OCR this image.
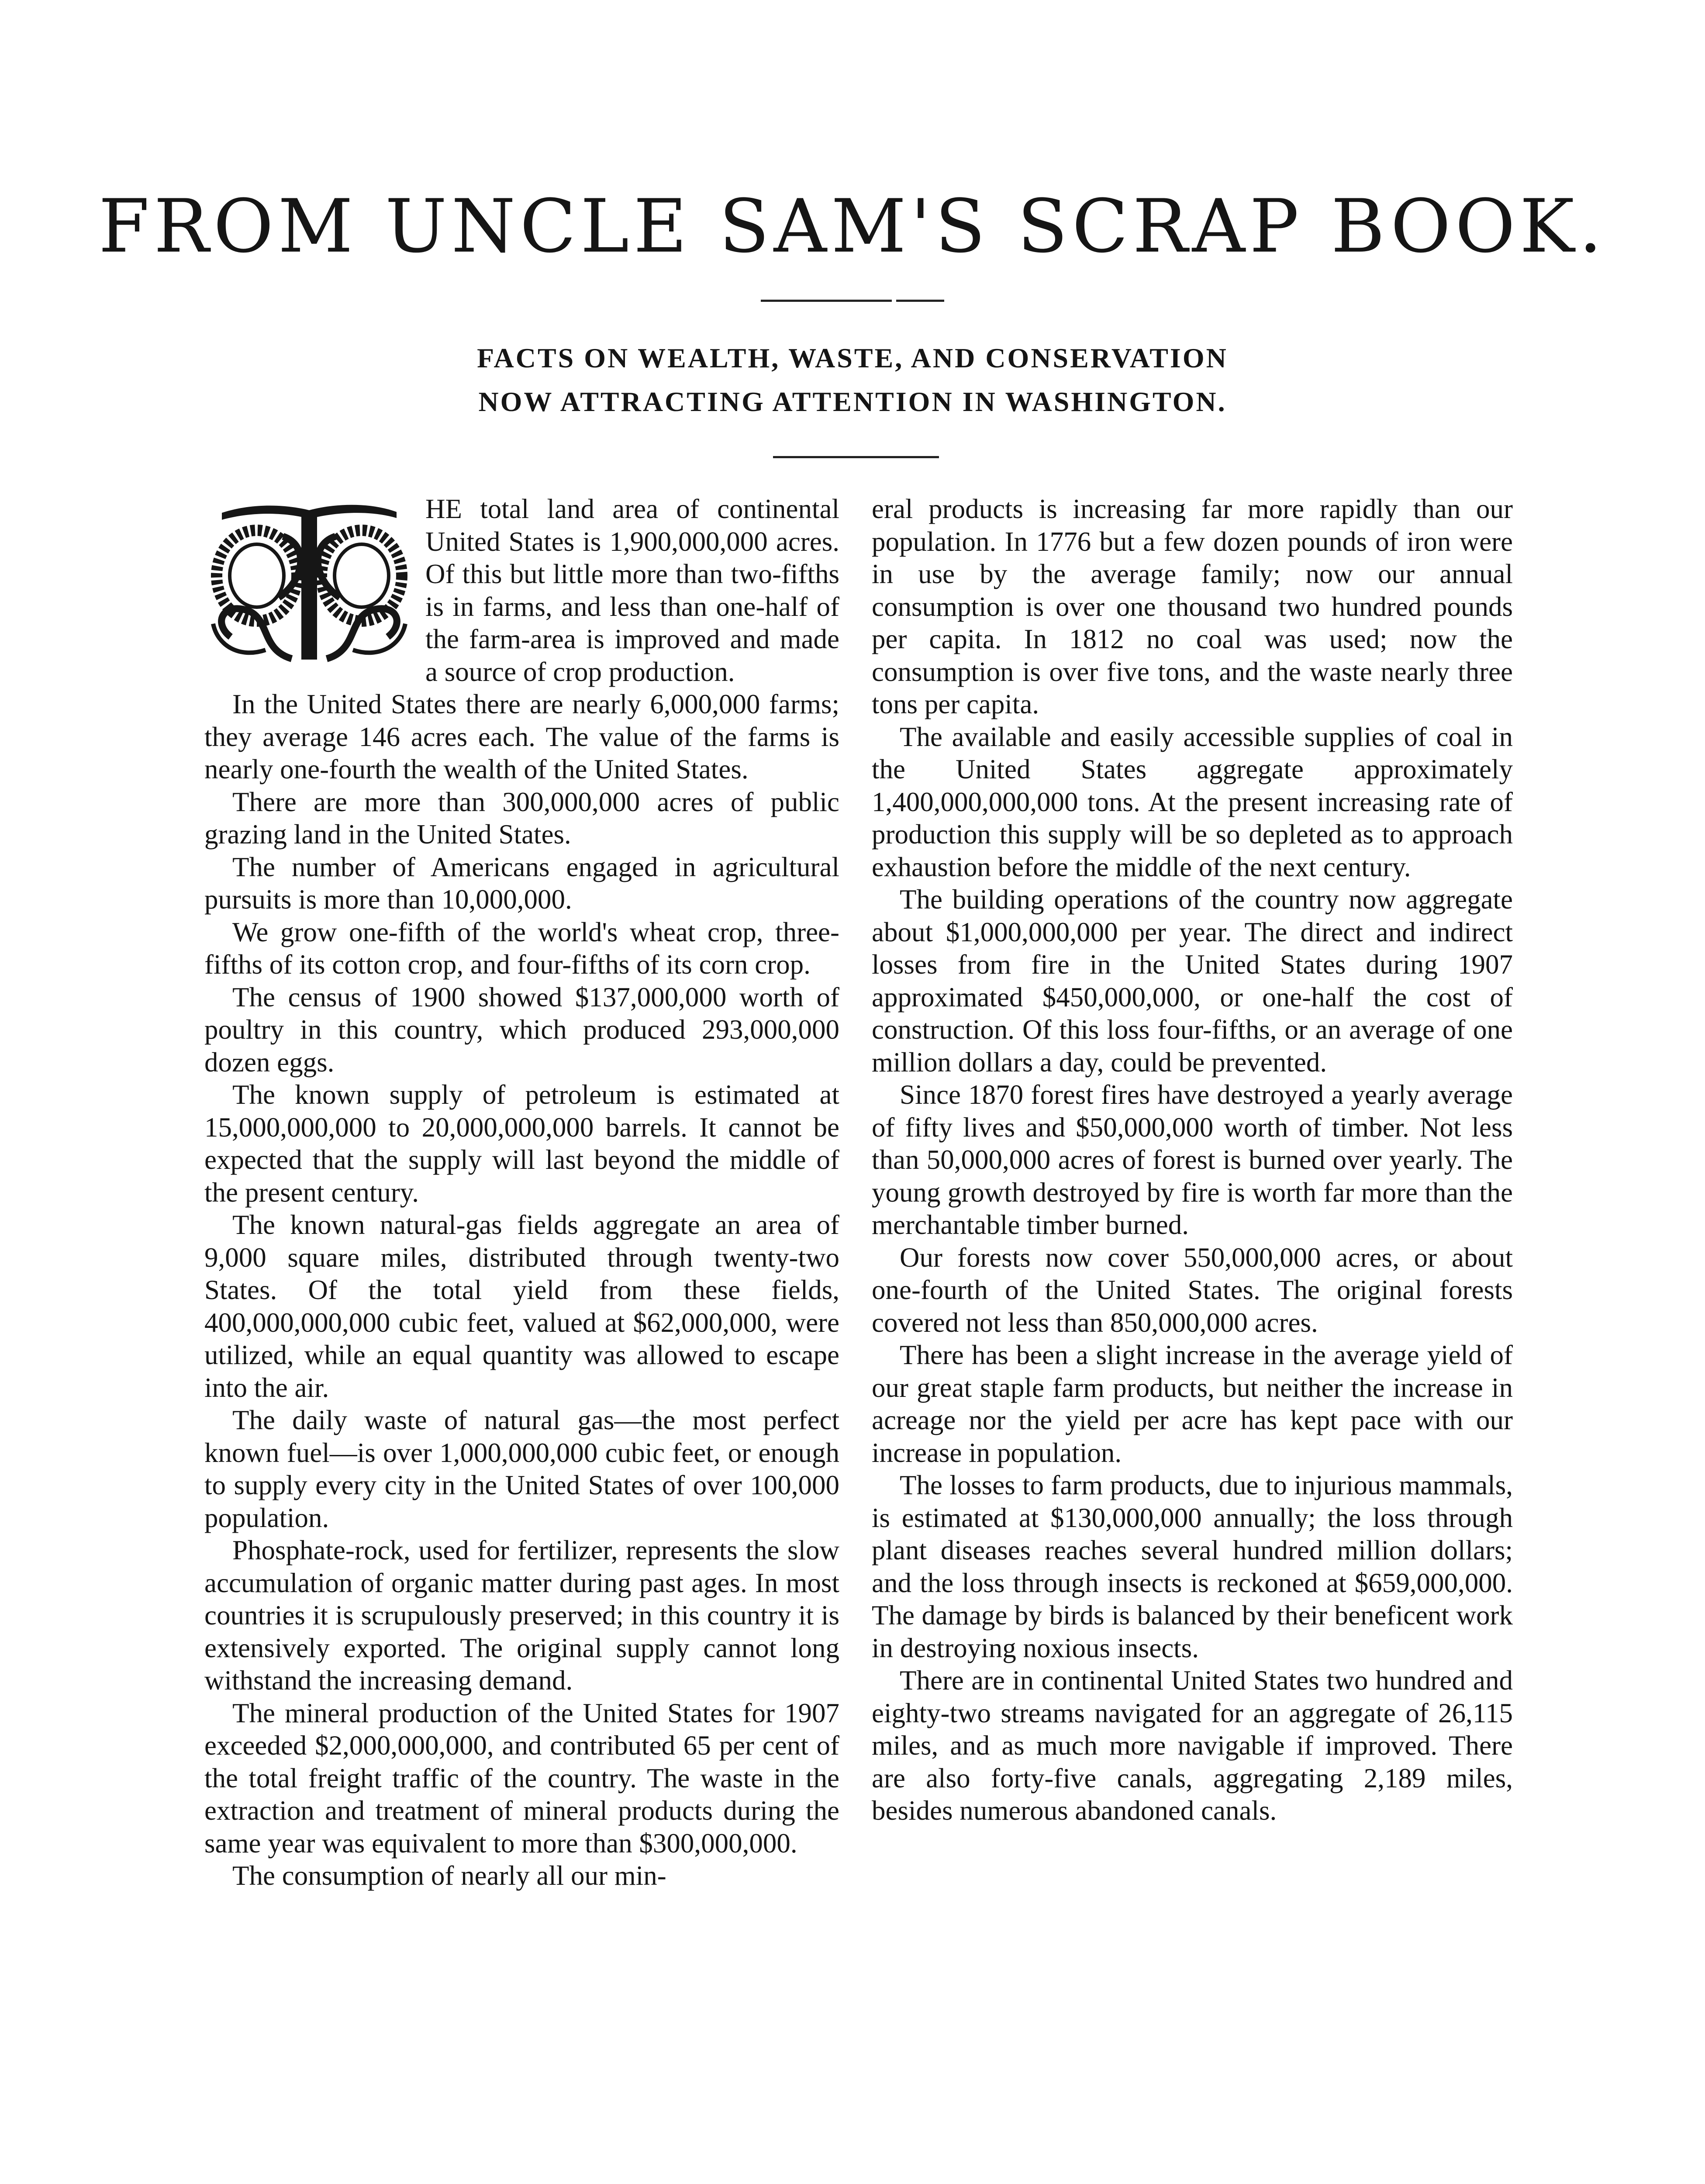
FROM UNCLE SAM'S SCRAP BOOK.
FACTS ON WEALTH, WASTE, AND CONSERVATION
NOW ATTRACTING ATTENTION IN WASHINGTON.

HE total land area of continental United States is 1,900,000,000 acres. Of this but little more than two-fifths is in farms, and less than one-half of the farm-area is improved and made a source of crop production.

In the United States there are nearly 6,000,000 farms; they average 146 acres each. The value of the farms is nearly one-fourth the wealth of the United States.

There are more than 300,000,000 acres of public grazing land in the United States.

The number of Americans engaged in agricultural pursuits is more than 10,000,000.

We grow one-fifth of the world's wheat crop, three-fifths of its cotton crop, and four-fifths of its corn crop.

The census of 1900 showed $137,000,000 worth of poultry in this country, which produced 293,000,000 dozen eggs.

The known supply of petroleum is estimated at 15,000,000,000 to 20,000,000,000 barrels. It cannot be expected that the supply will last beyond the middle of the present century.

The known natural-gas fields aggregate an area of 9,000 square miles, distributed through twenty-two States. Of the total yield from these fields, 400,000,000,000 cubic feet, valued at $62,000,000, were utilized, while an equal quantity was allowed to escape into the air.

The daily waste of natural gas—the most perfect known fuel—is over 1,000,000,000 cubic feet, or enough to supply every city in the United States of over 100,000 population.

Phosphate-rock, used for fertilizer, represents the slow accumulation of organic matter during past ages. In most countries it is scrupulously preserved; in this country it is extensively exported. The original supply cannot long withstand the increasing demand.

The mineral production of the United States for 1907 exceeded $2,000,000,000, and contributed 65 per cent of the total freight traffic of the country. The waste in the extraction and treatment of mineral products during the same year was equivalent to more than $300,000,000.

The consumption of nearly all our min-

eral products is increasing far more rapidly than our population. In 1776 but a few dozen pounds of iron were in use by the average family; now our annual consumption is over one thousand two hundred pounds per capita. In 1812 no coal was used; now the consumption is over five tons, and the waste nearly three tons per capita.

The available and easily accessible supplies of coal in the United States aggregate approximately 1,400,000,000,000 tons. At the present increasing rate of production this supply will be so depleted as to approach exhaustion before the middle of the next century.

The building operations of the country now aggregate about $1,000,000,000 per year. The direct and indirect losses from fire in the United States during 1907 approximated $450,000,000, or one-half the cost of construction. Of this loss four-fifths, or an average of one million dollars a day, could be prevented.

Since 1870 forest fires have destroyed a yearly average of fifty lives and $50,000,000 worth of timber. Not less than 50,000,000 acres of forest is burned over yearly. The young growth destroyed by fire is worth far more than the merchantable timber burned.

Our forests now cover 550,000,000 acres, or about one-fourth of the United States. The original forests covered not less than 850,000,000 acres.

There has been a slight increase in the average yield of our great staple farm products, but neither the increase in acreage nor the yield per acre has kept pace with our increase in population.

The losses to farm products, due to injurious mammals, is estimated at $130,000,000 annually; the loss through plant diseases reaches several hundred million dollars; and the loss through insects is reckoned at $659,000,000. The damage by birds is balanced by their beneficent work in destroying noxious insects.

There are in continental United States two hundred and eighty-two streams navigated for an aggregate of 26,115 miles, and as much more navigable if improved. There are also forty-five canals, aggregating 2,189 miles, besides numerous abandoned canals.
